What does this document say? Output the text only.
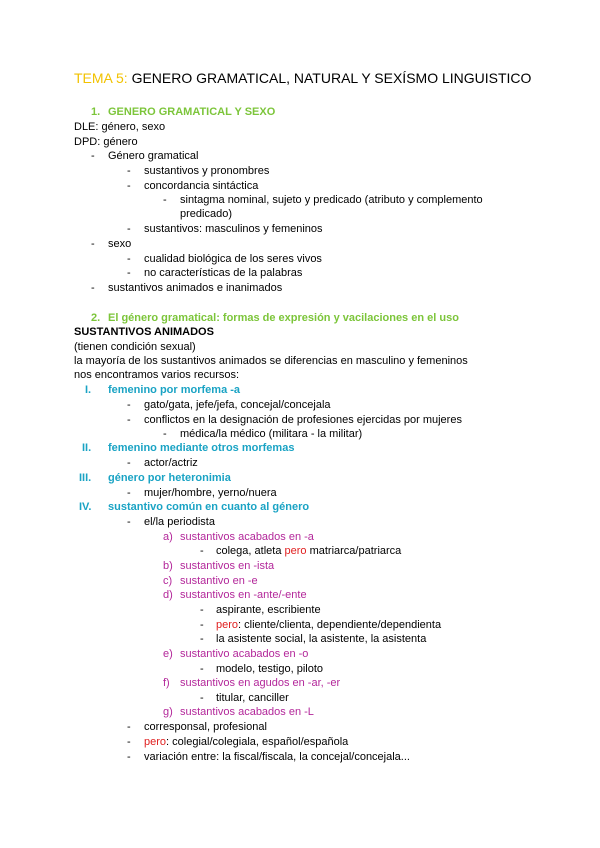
TEMA 5: GENERO GRAMATICAL, NATURAL Y SEXÍSMO LINGUISTICO
1. GENERO GRAMATICAL Y SEXO
DLE: género, sexo
DPD: género
- Género gramatical
- sustantivos y pronombres
- concordancia sintáctica
- sintagma nominal, sujeto y predicado (atributo y complemento
predicado)
- sustantivos: masculinos y femeninos
- sexo
- cualidad biológica de los seres vivos
- no características de la palabras
- sustantivos animados e inanimados
2. El género gramatical: formas de expresión y vacilaciones en el uso
SUSTANTIVOS ANIMADOS
(tienen condición sexual)
la mayoría de los sustantivos animados se diferencias en masculino y femeninos
nos encontramos varios recursos:
I. femenino por morfema -a
- gato/gata, jefe/jefa, concejal/concejala
- conflictos en la designación de profesiones ejercidas por mujeres
- médica/la médico (militara - la militar)
II. femenino mediante otros morfemas
- actor/actriz
III. género por heteronimia
- mujer/hombre, yerno/nuera
IV. sustantivo común en cuanto al género
- el/la periodista
a) sustantivos acabados en -a
- colega, atleta pero matriarca/patriarca
b) sustantivos en -ista
c) sustantivo en -e
d) sustantivos en -ante/-ente
- aspirante, escribiente
- pero: cliente/clienta, dependiente/dependienta
- la asistente social, la asistente, la asistenta
e) sustantivo acabados en -o
- modelo, testigo, piloto
f) sustantivos en agudos en -ar, -er
- titular, canciller
g) sustantivos acabados en -L
- corresponsal, profesional
- pero: colegial/colegiala, español/española
- variación entre: la fiscal/fiscala, la concejal/concejala...
